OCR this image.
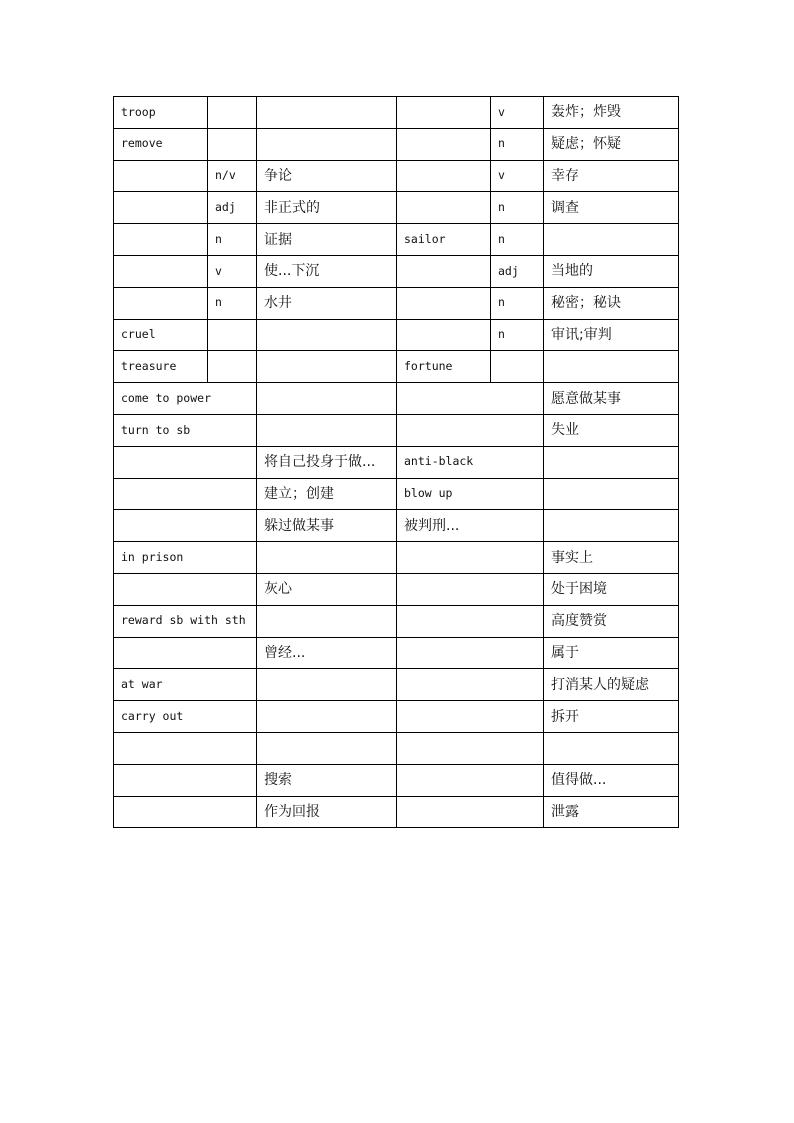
troop				v	轰炸；炸毁
remove				n	疑虑；怀疑
	n/v	争论		v	幸存
	adj	非正式的		n	调查
	n	证据	sailor	n	
	v	使...下沉		adj	当地的
	n	水井		n	秘密；秘诀
cruel				n	审讯;审判
treasure			fortune		
come to power					愿意做某事
turn to sb					失业
		将自己投身于做...	anti-black		
		建立；创建	blow up		
		躲过做某事	被判刑...		
in prison					事实上
		灰心			处于困境
reward sb with sth					高度赞赏
		曾经...			属于
at war					打消某人的疑虑
carry out					拆开

		搜索			值得做...
		作为回报			泄露
